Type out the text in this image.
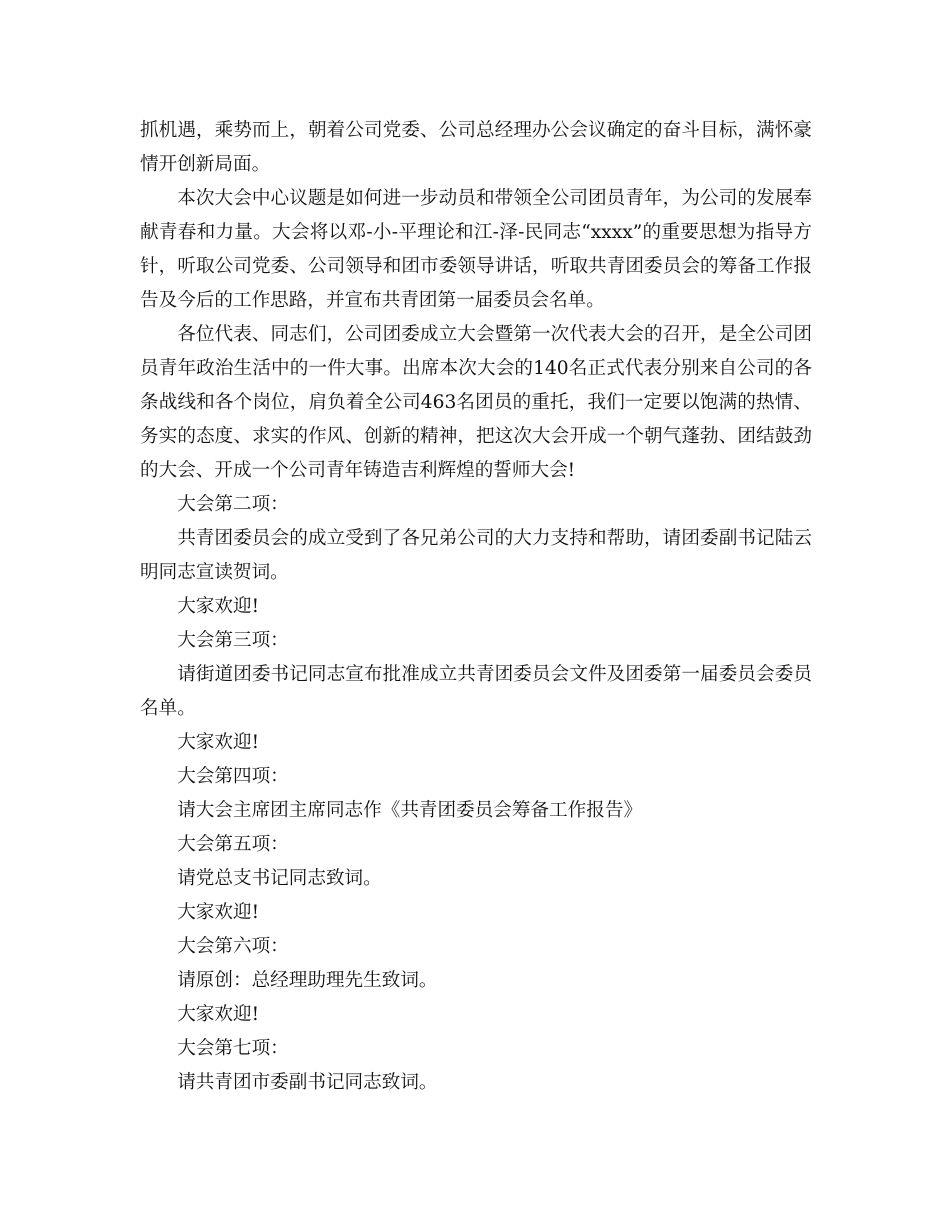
抓机遇，乘势而上，朝着公司党委、公司总经理办公会议确定的奋斗目标，满怀豪情开创新局面。

本次大会中心议题是如何进一步动员和带领全公司团员青年，为公司的发展奉献青春和力量。大会将以邓-小-平理论和江-泽-民同志“xxxx”的重要思想为指导方针，听取公司党委、公司领导和团市委领导讲话，听取共青团委员会的筹备工作报告及今后的工作思路，并宣布共青团第一届委员会名单。

各位代表、同志们，公司团委成立大会暨第一次代表大会的召开，是全公司团员青年政治生活中的一件大事。出席本次大会的140名正式代表分别来自公司的各条战线和各个岗位，肩负着全公司463名团员的重托，我们一定要以饱满的热情、务实的态度、求实的作风、创新的精神，把这次大会开成一个朝气蓬勃、团结鼓劲的大会、开成一个公司青年铸造吉利辉煌的誓师大会!

大会第二项：

共青团委员会的成立受到了各兄弟公司的大力支持和帮助，请团委副书记陆云明同志宣读贺词。

大家欢迎!

大会第三项：

请街道团委书记同志宣布批准成立共青团委员会文件及团委第一届委员会委员名单。

大家欢迎!

大会第四项：

请大会主席团主席同志作《共青团委员会筹备工作报告》

大会第五项：

请党总支书记同志致词。

大家欢迎!

大会第六项：

请原创：总经理助理先生致词。

大家欢迎!

大会第七项：

请共青团市委副书记同志致词。
